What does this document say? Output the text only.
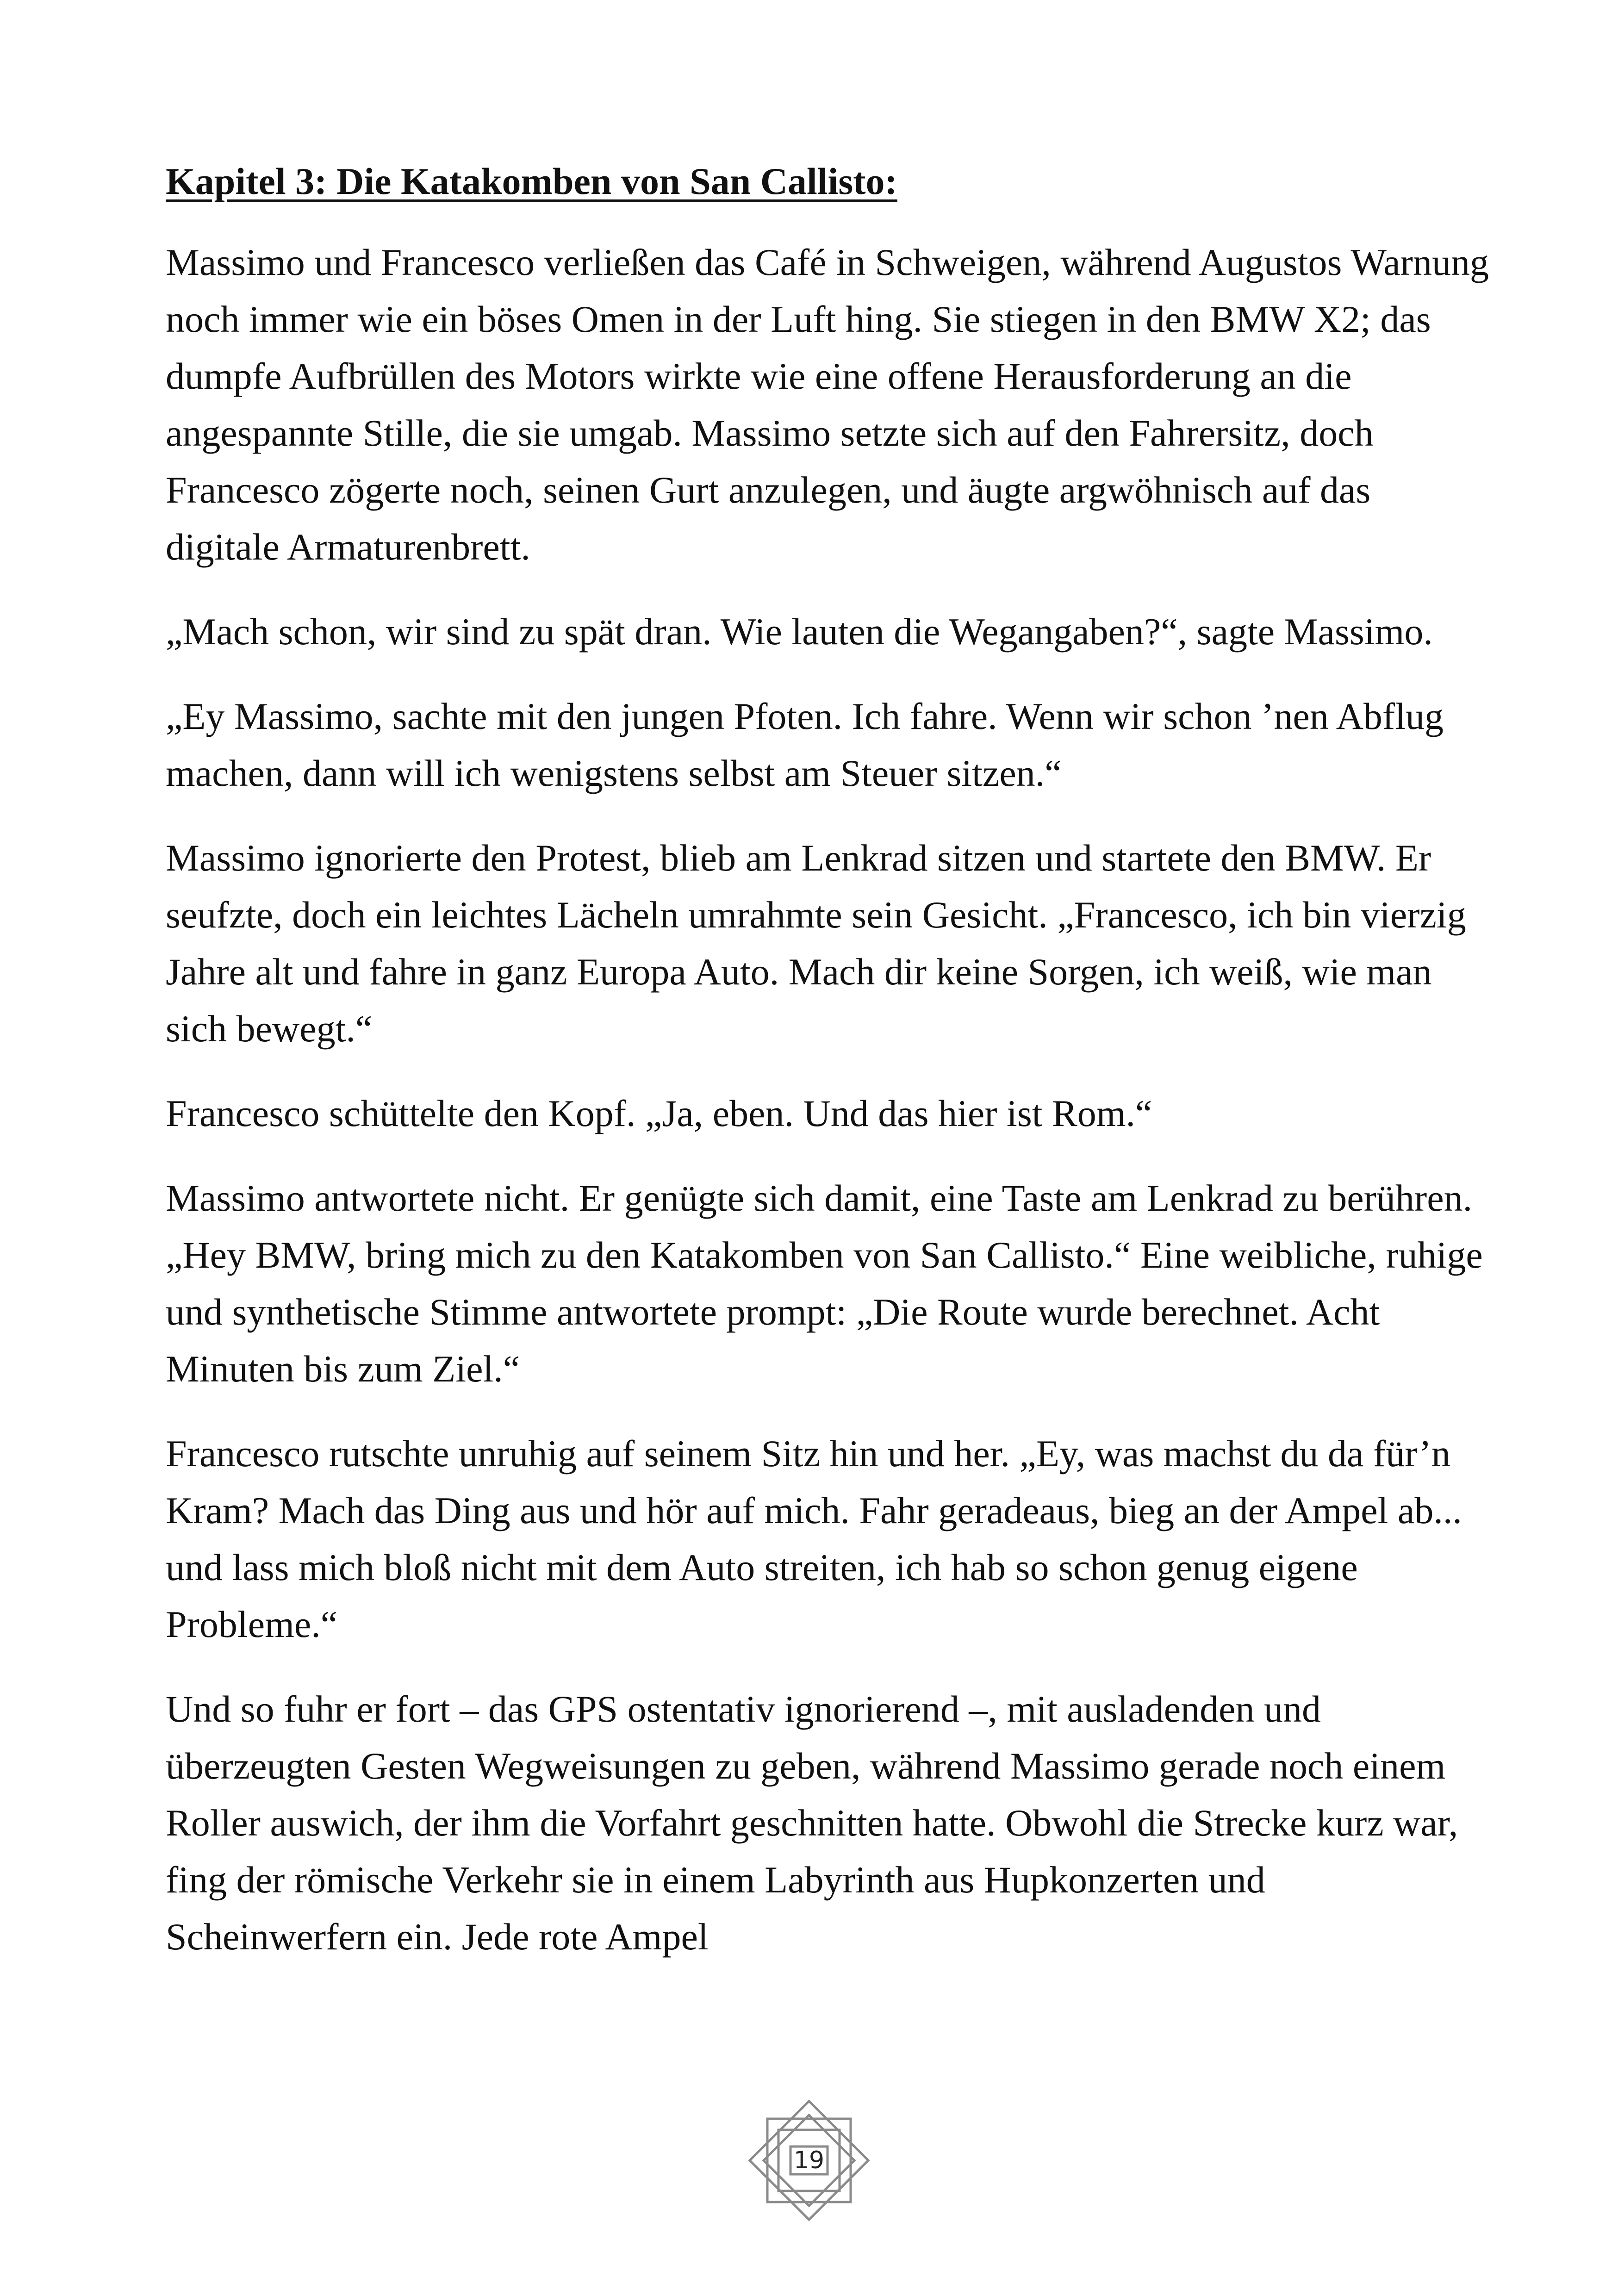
Kapitel 3: Die Katakomben von San Callisto:

Massimo und Francesco verließen das Café in Schweigen, während Augustos Warnung noch immer wie ein böses Omen in der Luft hing. Sie stiegen in den BMW X2; das dumpfe Aufbrüllen des Motors wirkte wie eine offene Herausforderung an die angespannte Stille, die sie umgab. Massimo setzte sich auf den Fahrersitz, doch Francesco zögerte noch, seinen Gurt anzulegen, und äugte argwöhnisch auf das digitale Armaturenbrett.

„Mach schon, wir sind zu spät dran. Wie lauten die Wegangaben?“, sagte Massimo.

„Ey Massimo, sachte mit den jungen Pfoten. Ich fahre. Wenn wir schon ’nen Abflug machen, dann will ich wenigstens selbst am Steuer sitzen.“

Massimo ignorierte den Protest, blieb am Lenkrad sitzen und startete den BMW. Er seufzte, doch ein leichtes Lächeln umrahmte sein Gesicht. „Francesco, ich bin vierzig Jahre alt und fahre in ganz Europa Auto. Mach dir keine Sorgen, ich weiß, wie man sich bewegt.“

Francesco schüttelte den Kopf. „Ja, eben. Und das hier ist Rom.“

Massimo antwortete nicht. Er genügte sich damit, eine Taste am Lenkrad zu berühren. „Hey BMW, bring mich zu den Katakomben von San Callisto.“ Eine weibliche, ruhige und synthetische Stimme antwortete prompt: „Die Route wurde berechnet. Acht Minuten bis zum Ziel.“

Francesco rutschte unruhig auf seinem Sitz hin und her. „Ey, was machst du da für’n Kram? Mach das Ding aus und hör auf mich. Fahr geradeaus, bieg an der Ampel ab... und lass mich bloß nicht mit dem Auto streiten, ich hab so schon genug eigene Probleme.“

Und so fuhr er fort – das GPS ostentativ ignorierend –, mit ausladenden und überzeugten Gesten Wegweisungen zu geben, während Massimo gerade noch einem Roller auswich, der ihm die Vorfahrt geschnitten hatte. Obwohl die Strecke kurz war, fing der römische Verkehr sie in einem Labyrinth aus Hupkonzerten und Scheinwerfern ein. Jede rote Ampel

19
